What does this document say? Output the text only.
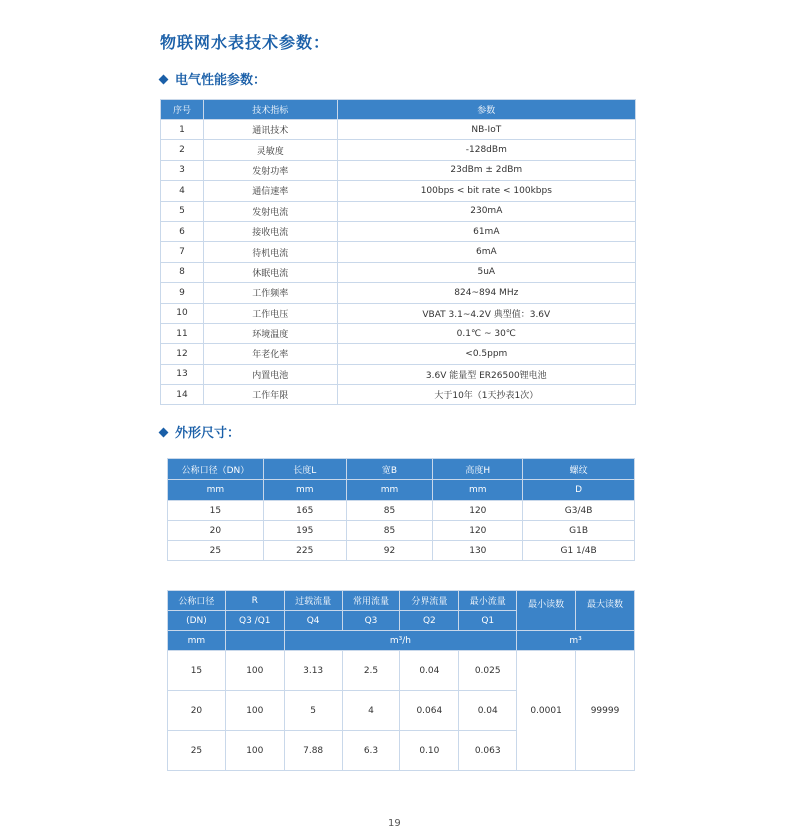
物联网水表技术参数：
电气性能参数：
序号	技术指标	参数
1	通讯技术	NB-IoT
2	灵敏度	-128dBm
3	发射功率	23dBm ± 2dBm
4	通信速率	100bps < bit rate < 100kbps
5	发射电流	230mA
6	接收电流	61mA
7	待机电流	6mA
8	休眠电流	5uA
9	工作频率	824~894 MHz
10	工作电压	VBAT 3.1~4.2V 典型值：3.6V
11	环境温度	0.1℃ ~ 30℃
12	年老化率	<0.5ppm
13	内置电池	3.6V 能量型 ER26500锂电池
14	工作年限	大于10年（1天抄表1次）
外形尺寸：
公称口径（DN）	长度L	宽B	高度H	螺纹
mm	mm	mm	mm	D
15	165	85	120	G3/4B
20	195	85	120	G1B
25	225	92	130	G1 1/4B
公称口径	R	过载流量	常用流量	分界流量	最小流量	最小读数	最大读数
(DN)	Q3 /Q1	Q4	Q3	Q2	Q1		
mm		m³/h				m³	
15	100	3.13	2.5	0.04	0.025	0.0001	99999
20	100	5	4	0.064	0.04		
25	100	7.88	6.3	0.10	0.063		
19
